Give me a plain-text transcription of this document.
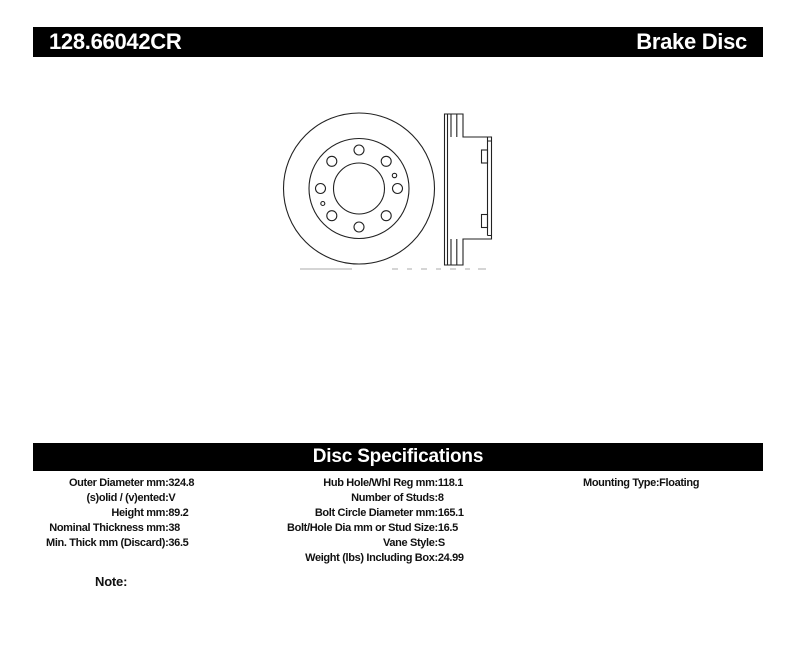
128.66042CR	Brake Disc
Disc Specifications
Outer Diameter mm:	324.8
(s)olid / (v)ented:	V
Height mm:	89.2
Nominal Thickness mm:	38
Min. Thick mm (Discard):	36.5
Hub Hole/Whl Reg mm:	118.1
Number of Studs:	8
Bolt Circle Diameter mm:	165.1
Bolt/Hole Dia mm or Stud Size:	16.5
Vane Style:	S
Weight (lbs) Including Box:	24.99
Mounting Type:	Floating
Note:
